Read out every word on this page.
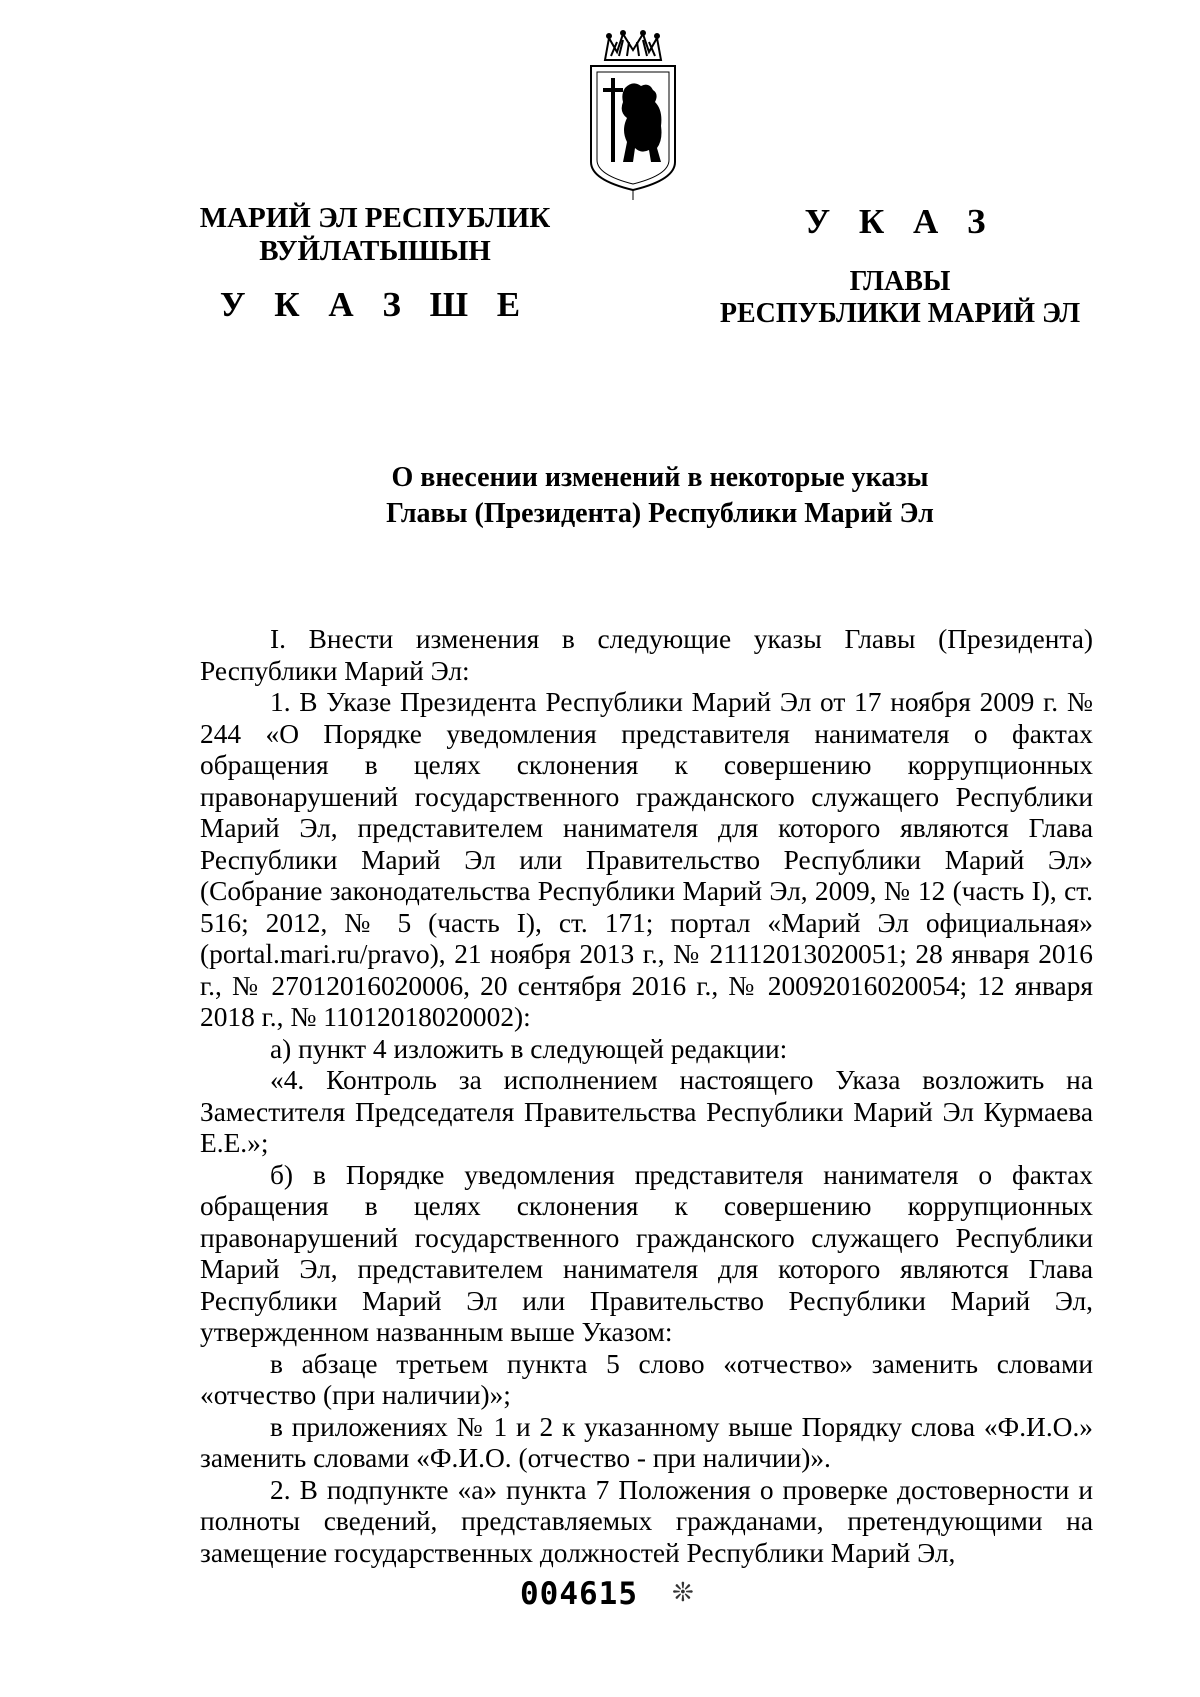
МАРИЙ ЭЛ РЕСПУБЛИК
ВУЙЛАТЫШЫН
У К А З Ш Е
У К А З
ГЛАВЫ
РЕСПУБЛИКИ МАРИЙ ЭЛ
О внесении изменений в некоторые указы
Главы (Президента) Республики Марий Эл

I. Внести изменения в следующие указы Главы (Президента) Республики Марий Эл:

1. В Указе Президента Республики Марий Эл от 17 ноября 2009 г. № 244 «О Порядке уведомления представителя нанимателя о фактах обращения в целях склонения к совершению коррупционных правонарушений государственного гражданского служащего Республики Марий Эл, представителем нанимателя для которого являются Глава Республики Марий Эл или Правительство Республики Марий Эл» (Собрание законодательства Республики Марий Эл, 2009, № 12 (часть I), ст. 516; 2012, № 5 (часть I), ст. 171; портал «Марий Эл официальная» (portal.mari.ru/pravo), 21 ноября 2013 г., № 21112013020051; 28 января 2016 г., № 27012016020006, 20 сентября 2016 г., № 20092016020054; 12 января 2018 г., № 11012018020002):

а) пункт 4 изложить в следующей редакции:

«4. Контроль за исполнением настоящего Указа возложить на Заместителя Председателя Правительства Республики Марий Эл Курмаева Е.Е.»;

б) в Порядке уведомления представителя нанимателя о фактах обращения в целях склонения к совершению коррупционных правонарушений государственного гражданского служащего Республики Марий Эл, представителем нанимателя для которого являются Глава Республики Марий Эл или Правительство Республики Марий Эл, утвержденном названным выше Указом:

в абзаце третьем пункта 5 слово «отчество» заменить словами «отчество (при наличии)»;

в приложениях № 1 и 2 к указанному выше Порядку слова «Ф.И.О.» заменить словами «Ф.И.О. (отчество - при наличии)».

2. В подпункте «а» пункта 7 Положения о проверке достоверности и полноты сведений, представляемых гражданами, претендующими на замещение государственных должностей Республики Марий Эл,

004615 ❊
